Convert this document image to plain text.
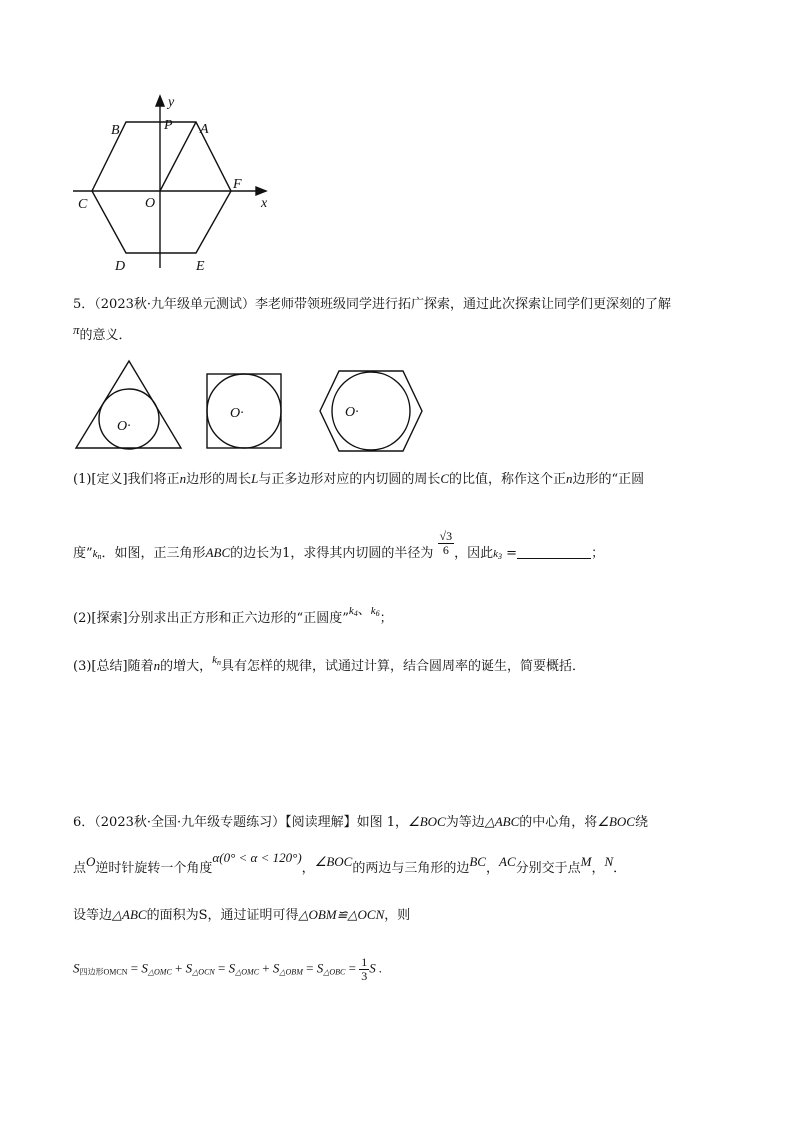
y
x
B	P A
C	O
F
D	E
5．（2023秋·九年级单元测试）李老师带领班级同学进行拓广探索，通过此次探索让同学们更深刻的了解
π的意义．
O·
O·	O·
(1)[定义]我们将正n边形的周长L与正多边形对应的内切圆的周长C的比值，称作这个正n边形的“正圆
度$”k_n$．如图，正三角形ABC的边长为1，求得其内切圆的半径为 $\frac{√3}{6}$ ，因此$k_3$ =	；
(2)[探索]分别求出正方形和正六边形的“正圆度$”k_4$、$k_6$；
(3)[总结]随着n的增大，$k_n$具有怎样的规律，试通过计算，结合圆周率的诞生，简要概括．
6．（2023秋·全国·九年级专题练习）【阅读理解】如图 1，∠BOC为等边△ABC的中心角，将∠BOC绕
点O逆时针旋转一个角度α(0° < α < 120°)，∠BOC的两边与三角形的边BC，AC分别交于点M，N．
设等边△ABC的面积为S，通过证明可得△OBM≌△OCN，则
$S_{四边形OMCN} = S_{\triangle OMC} + S_{\triangle OCN} = S_{\triangle OMC} + S_{\triangle OBM} = S_{\triangle OBC} = \frac{1}{3}$ S .
